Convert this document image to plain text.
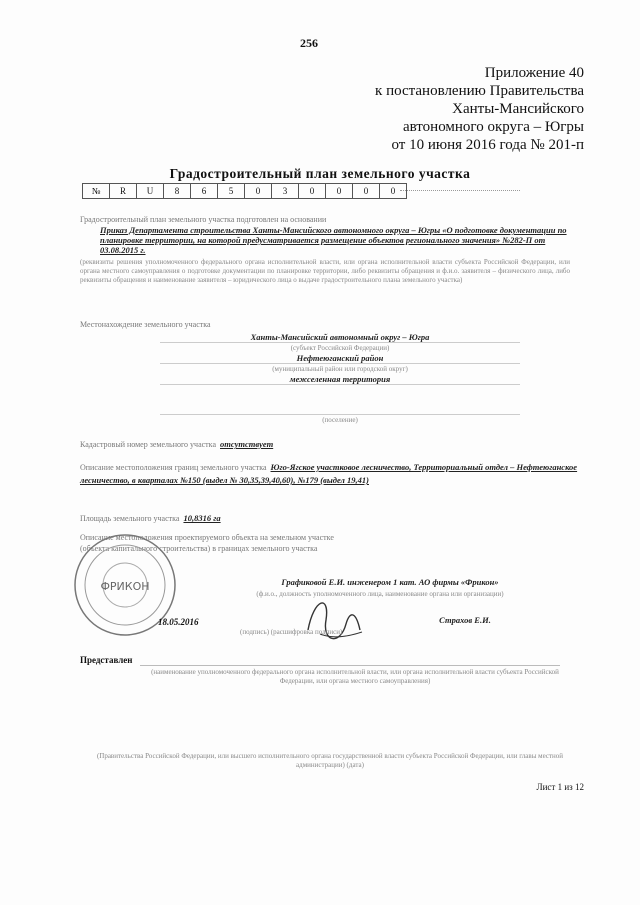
256
Приложение 40
к постановлению Правительства
Ханты-Мансийского
автономного округа – Югры
от 10 июня 2016 года № 201-п
Градостроительный план земельного участка
№	R	U	8	6	5	0	3	0	0	0	0
Градостроительный план земельного участка подготовлен на основании
Приказ Департамента строительства Ханты-Мансийского автономного округа – Югры «О подготовке документации по планировке территории, на которой предусматривается размещение объектов регионального значения» №282-П от 03.08.2015 г.
(реквизиты решения уполномоченного федерального органа исполнительной власти, или органа исполнительной власти субъекта Российской Федерации, или органа местного самоуправления о подготовке документации по планировке территории, либо реквизиты обращения и ф.и.о. заявителя – физического лица, либо реквизиты обращения и наименование заявителя – юридического лица о выдаче градостроительного плана земельного участка)
Местонахождение земельного участка
Ханты-Мансийский автономный округ – Югра
(субъект Российской Федерации)
Нефтеюганский район
(муниципальный район или городской округ)
межселенная территория

(поселение)
Кадастровый номер земельного участка отсутствует
Описание местоположения границ земельного участка Юго-Ягское участковое лесничество, Территориальный отдел – Нефтеюганское лесничество, в кварталах №150 (выдел № 30,35,39,40,60), №179 (выдел 19,41)
Площадь земельного участка 10,8316 га
Описание местоположения проектируемого объекта на земельном участке
(объекта капитального строительства) в границах земельного участка
ФРИКОН	Графиковой Е.И. инженером 1 кат. АО фирмы «Фрикон»
(ф.и.о., должность уполномоченного лица, наименование органа или организации)
18.05.2016	Страхов Е.И.
(подпись) (расшифровка подписи)
Представлен
(наименование уполномоченного федерального органа исполнительной власти, или органа исполнительной власти субъекта Российской Федерации, или органа местного самоуправления)
(Правительства Российской Федерации, или высшего исполнительного органа государственной власти субъекта Российской Федерации, или главы местной администрации) (дата)
Лист 1 из 12
